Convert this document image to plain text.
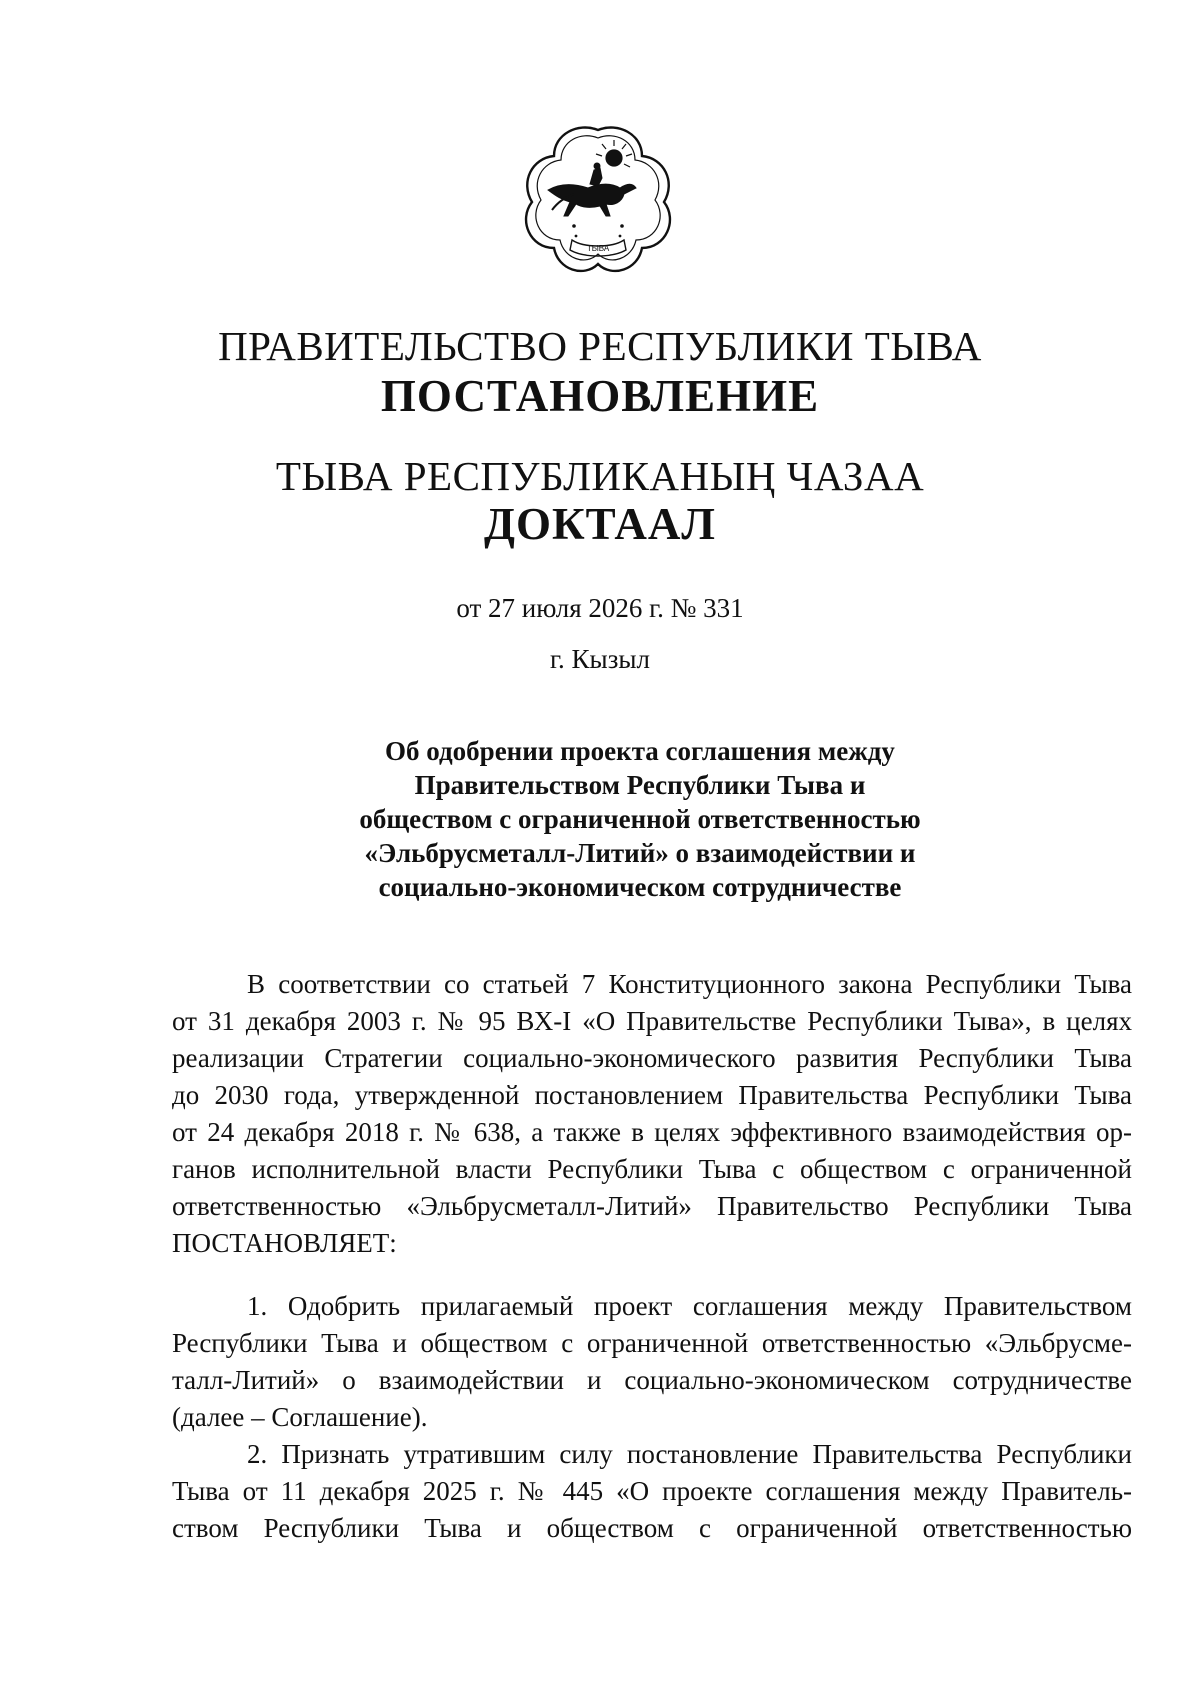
ТЫВА
ПРАВИТЕЛЬСТВО РЕСПУБЛИКИ ТЫВА
ПОСТАНОВЛЕНИЕ
ТЫВА РЕСПУБЛИКАНЫҢ ЧАЗАА
ДОКТААЛ
от 27 июля 2026 г. № 331
г. Кызыл
Об одобрении проекта соглашения между
Правительством Республики Тыва и
обществом с ограниченной ответственностью
«Эльбрусметалл-Литий» о взаимодействии и
социально-экономическом сотрудничестве
В соответствии со статьей 7 Конституционного закона Республики Тыва
от 31 декабря 2003 г. № 95 ВХ-I «О Правительстве Республики Тыва», в целях
реализации Стратегии социально-экономического развития Республики Тыва
до 2030 года, утвержденной постановлением Правительства Республики Тыва
от 24 декабря 2018 г. № 638, а также в целях эффективного взаимодействия ор-
ганов исполнительной власти Республики Тыва с обществом с ограниченной
ответственностью «Эльбрусметалл-Литий» Правительство Республики Тыва
ПОСТАНОВЛЯЕТ:
1. Одобрить прилагаемый проект соглашения между Правительством
Республики Тыва и обществом с ограниченной ответственностью «Эльбрусме-
талл-Литий» о взаимодействии и социально-экономическом сотрудничестве
(далее – Соглашение).
2. Признать утратившим силу постановление Правительства Республики
Тыва от 11 декабря 2025 г. № 445 «О проекте соглашения между Правитель-
ством Республики Тыва и обществом с ограниченной ответственностью
